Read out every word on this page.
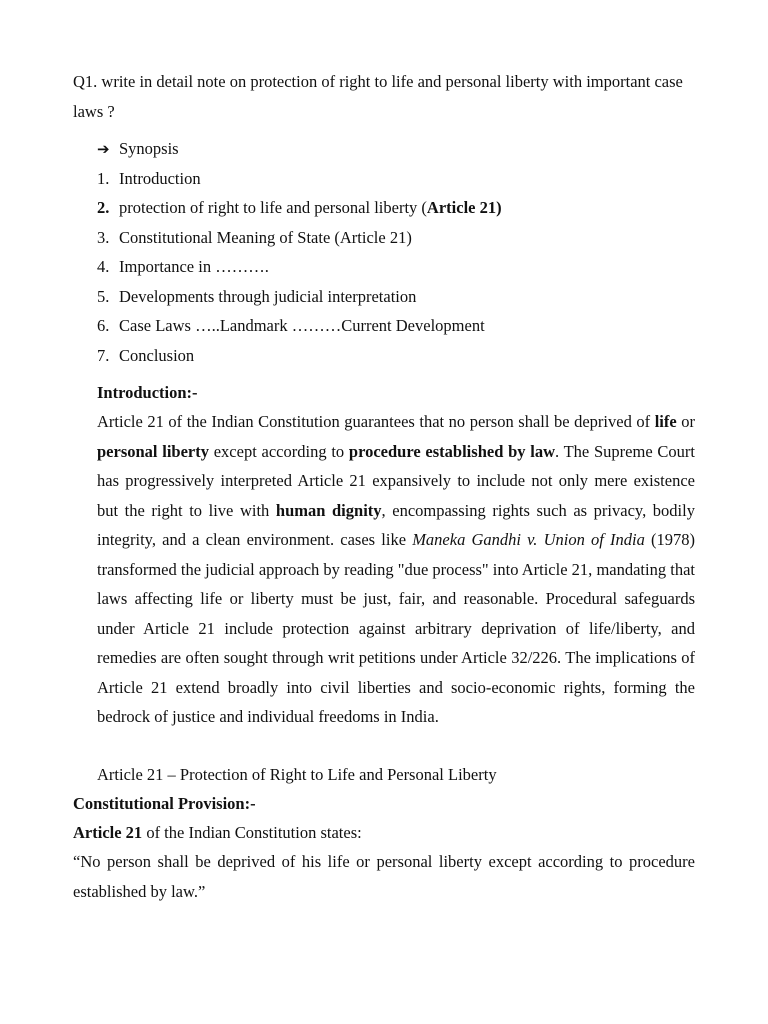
Q1. write in detail note on protection of right to life and personal liberty with important case laws ?
➔ Synopsis
1. Introduction
2. protection of right to life and personal liberty (Article 21)
3. Constitutional Meaning of State (Article 21)
4. Importance in ……….
5. Developments through judicial interpretation
6. Case Laws …..Landmark ………Current Development
7. Conclusion
Introduction:-
Article 21 of the Indian Constitution guarantees that no person shall be deprived of life or personal liberty except according to procedure established by law. The Supreme Court has progressively interpreted Article 21 expansively to include not only mere existence but the right to live with human dignity, encompassing rights such as privacy, bodily integrity, and a clean environment. cases like Maneka Gandhi v. Union of India (1978) transformed the judicial approach by reading "due process" into Article 21, mandating that laws affecting life or liberty must be just, fair, and reasonable. Procedural safeguards under Article 21 include protection against arbitrary deprivation of life/liberty, and remedies are often sought through writ petitions under Article 32/226. The implications of Article 21 extend broadly into civil liberties and socio-economic rights, forming the bedrock of justice and individual freedoms in India.
Article 21 – Protection of Right to Life and Personal Liberty
Constitutional Provision:-
Article 21 of the Indian Constitution states:
“No person shall be deprived of his life or personal liberty except according to procedure established by law.”
